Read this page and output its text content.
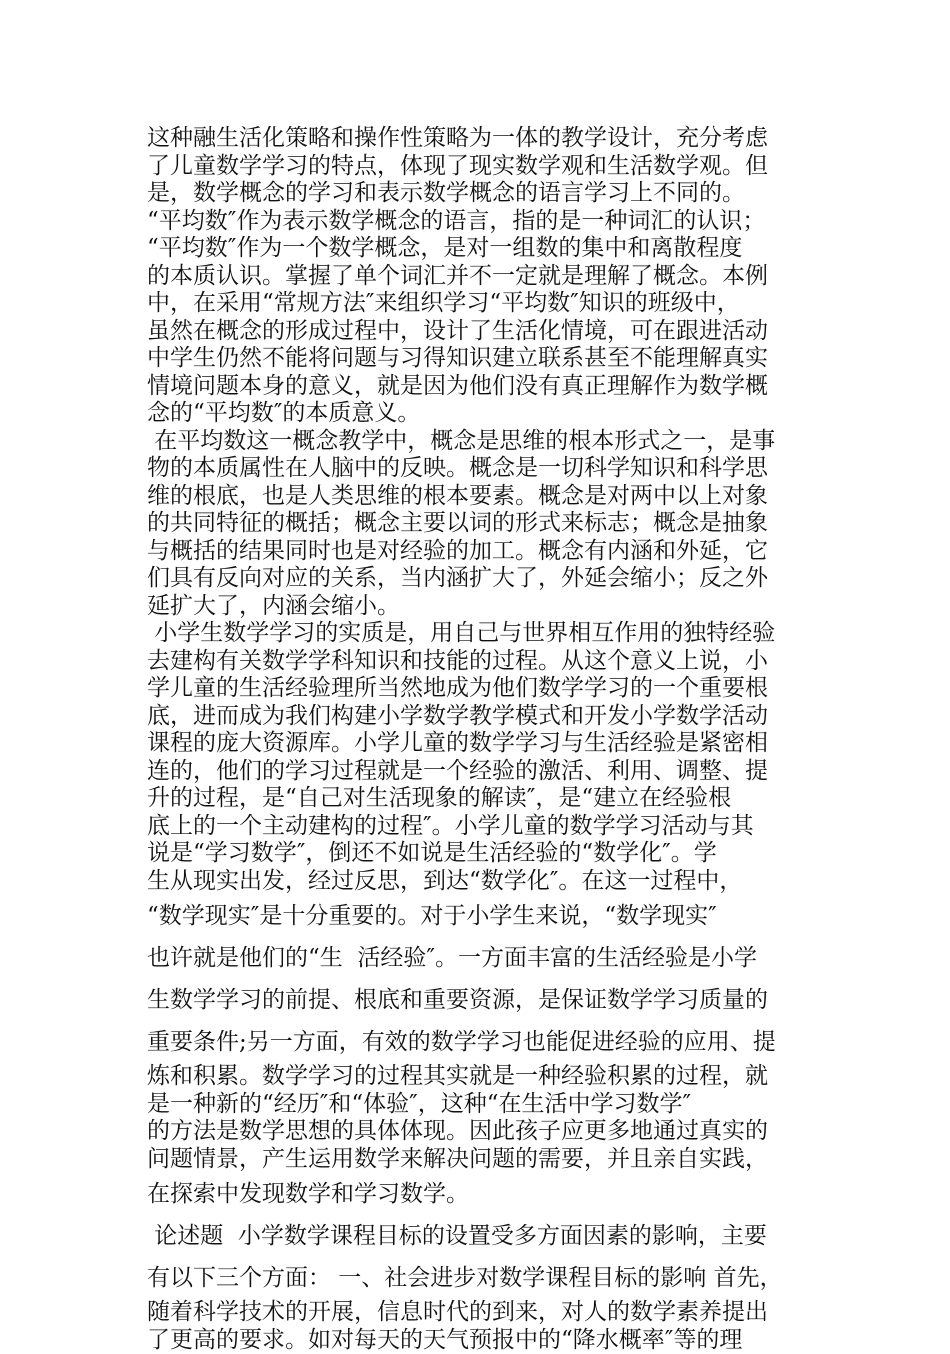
这种融生活化策略和操作性策略为一体的教学设计，充分考虑
了儿童数学学习的特点，体现了现实数学观和生活数学观。但
是，数学概念的学习和表示数学概念的语言学习上不同的。
“平均数″作为表示数学概念的语言，指的是一种词汇的认识；
“平均数″作为一个数学概念，是对一组数的集中和离散程度
的本质认识。掌握了单个词汇并不一定就是理解了概念。本例
中，在采用“常规方法″来组织学习“平均数″知识的班级中，
虽然在概念的形成过程中，设计了生活化情境，可在跟进活动
中学生仍然不能将问题与习得知识建立联系甚至不能理解真实
情境问题本身的意义，就是因为他们没有真正理解作为数学概
念的“平均数″的本质意义。
在平均数这一概念教学中，概念是思维的根本形式之一，是事
物的本质属性在人脑中的反映。概念是一切科学知识和科学思
维的根底，也是人类思维的根本要素。概念是对两中以上对象
的共同特征的概括；概念主要以词的形式来标志；概念是抽象
与概括的结果同时也是对经验的加工。概念有内涵和外延，它
们具有反向对应的关系，当内涵扩大了，外延会缩小；反之外
延扩大了，内涵会缩小。
小学生数学学习的实质是，用自己与世界相互作用的独特经验
去建构有关数学学科知识和技能的过程。从这个意义上说，小
学儿童的生活经验理所当然地成为他们数学学习的一个重要根
底，进而成为我们构建小学数学教学模式和开发小学数学活动
课程的庞大资源库。小学儿童的数学学习与生活经验是紧密相
连的，他们的学习过程就是一个经验的激活、利用、调整、提
升的过程，是“自己对生活现象的解读″，是“建立在经验根
底上的一个主动建构的过程″。小学儿童的数学学习活动与其
说是“学习数学″，倒还不如说是生活经验的“数学化″。学
生从现实出发，经过反思，到达“数学化″。在这一过程中，
“数学现实″是十分重要的。对于小学生来说，“数学现实″
也许就是他们的“生  活经验″。一方面丰富的生活经验是小学
生数学学习的前提、根底和重要资源，是保证数学学习质量的
重要条件;另一方面，有效的数学学习也能促进经验的应用、提
炼和积累。数学学习的过程其实就是一种经验积累的过程，就
是一种新的“经历″和“体验″，这种“在生活中学习数学″
的方法是数学思想的具体体现。因此孩子应更多地通过真实的
问题情景，产生运用数学来解决问题的需要，并且亲自实践，
在探索中发现数学和学习数学。
论述题  小学数学课程目标的设置受多方面因素的影响，主要
有以下三个方面： 一、社会进步对数学课程目标的影响 首先，
随着科学技术的开展，信息时代的到来，对人的数学素养提出
了更高的要求。如对每天的天气预报中的“降水概率″等的理
